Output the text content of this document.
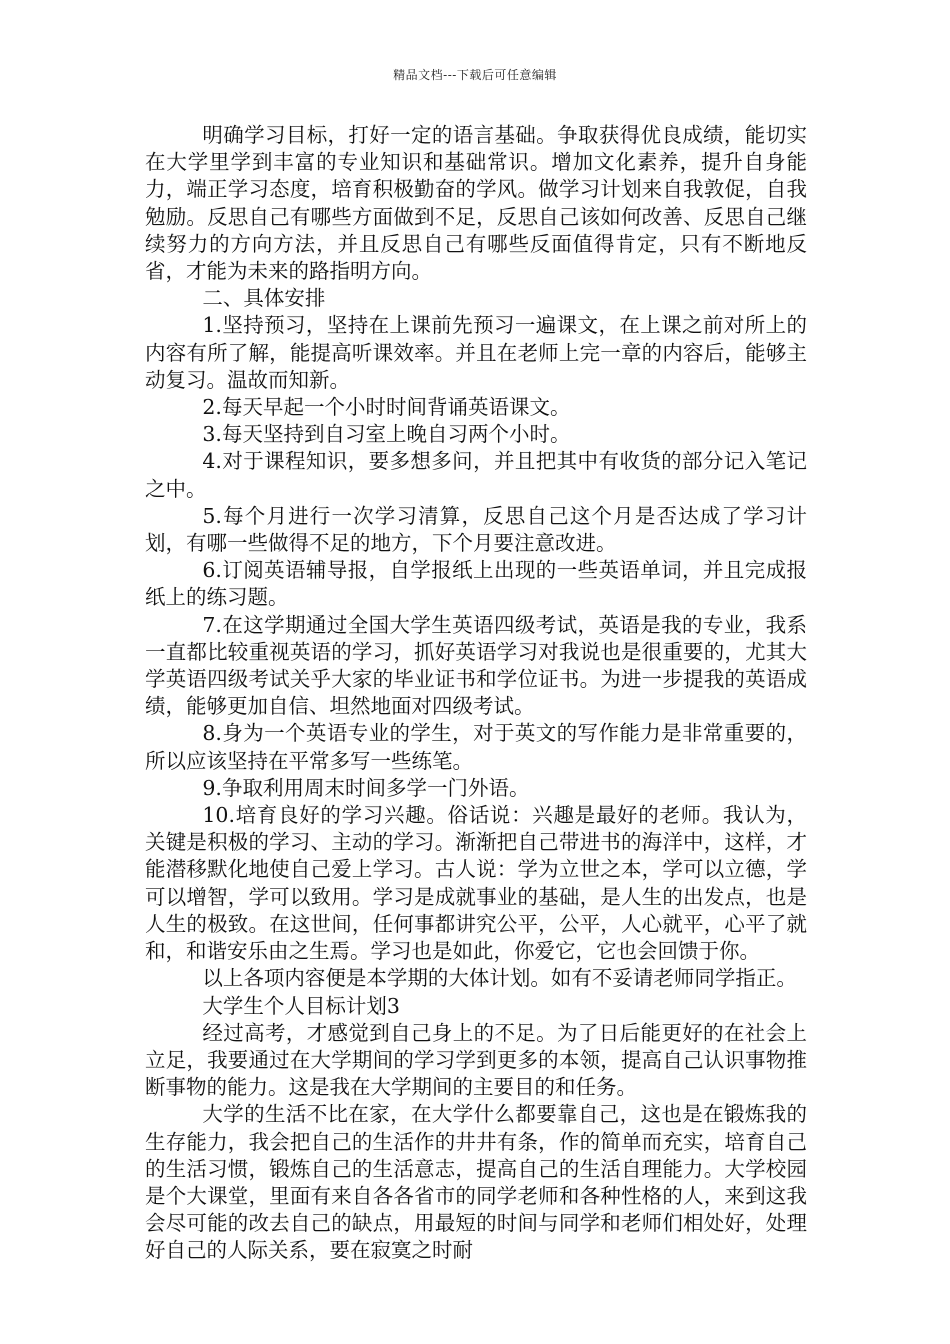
精品文档---下载后可任意编辑

明确学习目标，打好一定的语言基础。争取获得优良成绩，能切实在大学里学到丰富的专业知识和基础常识。增加文化素养，提升自身能力，端正学习态度，培育积极勤奋的学风。做学习计划来自我敦促，自我勉励。反思自己有哪些方面做到不足，反思自己该如何改善、反思自己继续努力的方向方法，并且反思自己有哪些反面值得肯定，只有不断地反省，才能为未来的路指明方向。

二、具体安排

1.坚持预习，坚持在上课前先预习一遍课文，在上课之前对所上的内容有所了解，能提高听课效率。并且在老师上完一章的内容后，能够主动复习。温故而知新。

2.每天早起一个小时时间背诵英语课文。

3.每天坚持到自习室上晚自习两个小时。

4.对于课程知识，要多想多问，并且把其中有收货的部分记入笔记之中。

5.每个月进行一次学习清算，反思自己这个月是否达成了学习计划，有哪一些做得不足的地方，下个月要注意改进。

6.订阅英语辅导报，自学报纸上出现的一些英语单词，并且完成报纸上的练习题。

7.在这学期通过全国大学生英语四级考试，英语是我的专业，我系一直都比较重视英语的学习，抓好英语学习对我说也是很重要的，尤其大学英语四级考试关乎大家的毕业证书和学位证书。为进一步提我的英语成绩，能够更加自信、坦然地面对四级考试。

8.身为一个英语专业的学生，对于英文的写作能力是非常重要的，所以应该坚持在平常多写一些练笔。

9.争取利用周末时间多学一门外语。

10.培育良好的学习兴趣。俗话说：兴趣是最好的老师。我认为，关键是积极的学习、主动的学习。渐渐把自己带进书的海洋中，这样，才能潜移默化地使自己爱上学习。古人说：学为立世之本，学可以立德，学可以增智，学可以致用。学习是成就事业的基础，是人生的出发点，也是人生的极致。在这世间，任何事都讲究公平，公平，人心就平，心平了就和，和谐安乐由之生焉。学习也是如此，你爱它，它也会回馈于你。

以上各项内容便是本学期的大体计划。如有不妥请老师同学指正。

大学生个人目标计划3

经过高考，才感觉到自己身上的不足。为了日后能更好的在社会上立足，我要通过在大学期间的学习学到更多的本领，提高自己认识事物推断事物的能力。这是我在大学期间的主要目的和任务。

大学的生活不比在家，在大学什么都要靠自己，这也是在锻炼我的生存能力，我会把自己的生活作的井井有条，作的简单而充实，培育自己的生活习惯，锻炼自己的生活意志，提高自己的生活自理能力。大学校园是个大课堂，里面有来自各各省市的同学老师和各种性格的人，来到这我会尽可能的改去自己的缺点，用最短的时间与同学和老师们相处好，处理好自己的人际关系，要在寂寞之时耐
